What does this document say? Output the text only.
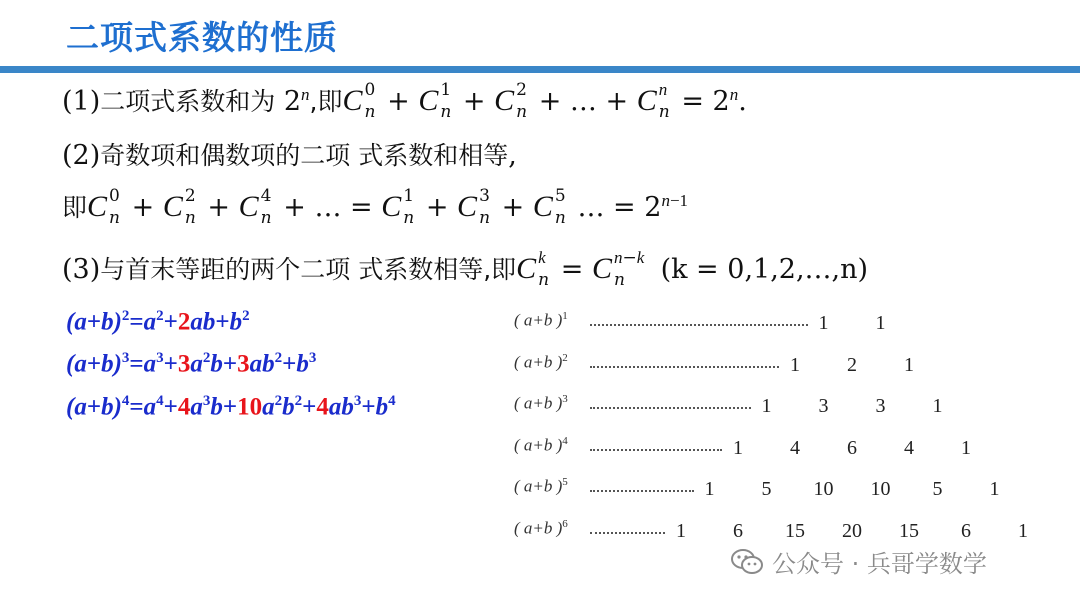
二项式系数的性质
(1)二项式系数和为 2$^n$,即C 0
n + C 1
n + C 2
n + … + C n
$n = 2^n$.
(2)奇数项和偶数项的二项 式系数和相等,
即C 0
n + C 2
n + C 4
n + … = C 1
n + C 3
n + C 5
n … = $2^{n-1}$
(3)与首末等距的两个二项 式系数相等,即C k
n = C n−k
n (k = 0,1,2,…,n)
$(a+b)^2=a^2+2ab+b^2$
$(a+b)^3=a^3+3a^2b+3ab^2+b^3$
$(a+b)^4=a^4+4a^3b+10a^2b^2+4ab^3+b^4$
( a+b )$^1$	1 1
( a+b )$^2$	1 2 1
( a+b )$^3$	1 3 3 1
( a+b )$^4$	1 4 6 4 1
( a+b )$^5$	1 5 10 10 5 1
( a+b )$^6$	1 6 15 20 15 6 1
公众号 · 兵哥学数学
